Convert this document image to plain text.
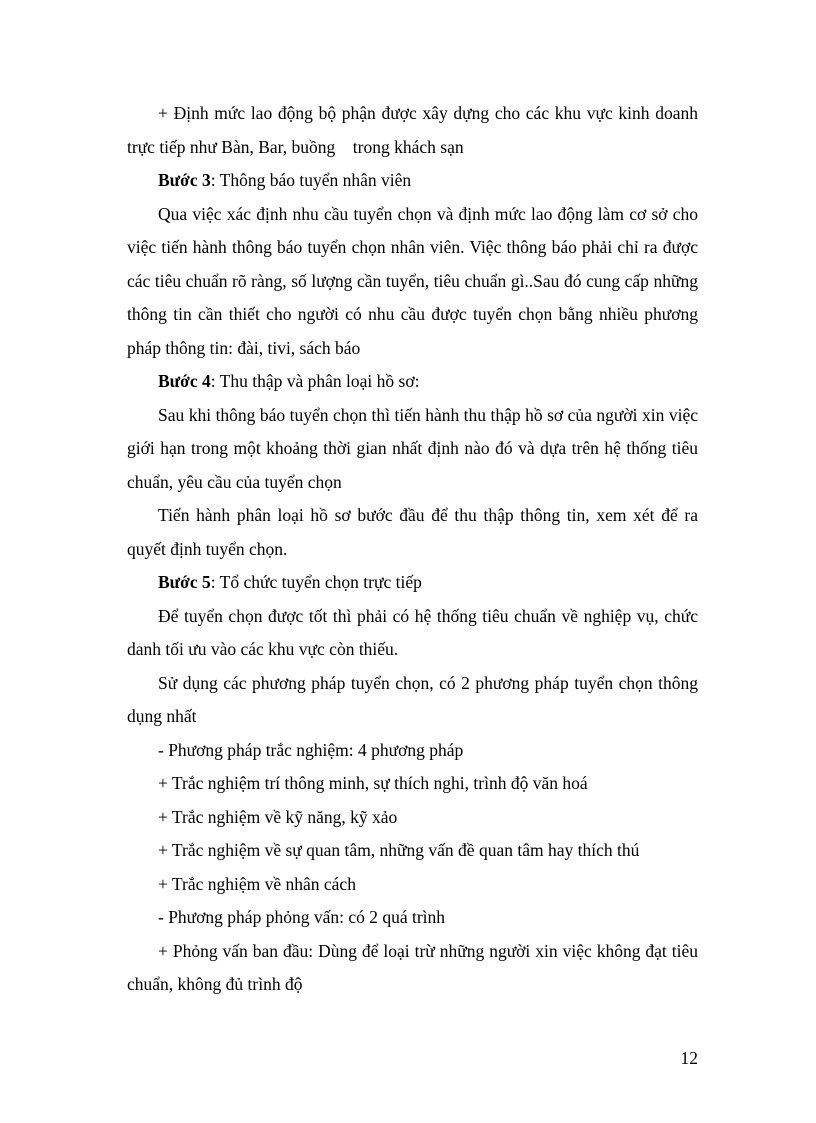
+ Định mức lao động bộ phận được xây dựng cho các khu vực kinh doanh trực tiếp như Bàn, Bar, buồng    trong khách sạn

Bước 3: Thông báo tuyển nhân viên

Qua việc xác định nhu cầu tuyển chọn và định mức lao động làm cơ sở cho việc tiến hành thông báo tuyển chọn nhân viên. Việc thông báo phải chỉ ra được các tiêu chuẩn rõ ràng, số lượng cần tuyển, tiêu chuẩn gì..Sau đó cung cấp những thông tin cần thiết cho người có nhu cầu được tuyển chọn bằng nhiều phương pháp thông tin: đài, tivi, sách báo

Bước 4: Thu thập và phân loại hồ sơ:

Sau khi thông báo tuyển chọn thì tiến hành thu thập hồ sơ của người xin việc giới hạn trong một khoảng thời gian nhất định nào đó và dựa trên hệ thống tiêu chuẩn, yêu cầu của tuyển chọn

Tiến hành phân loại hồ sơ bước đầu để thu thập thông tin, xem xét để ra quyết định tuyển chọn.

Bước 5: Tổ chức tuyển chọn trực tiếp

Để tuyển chọn được tốt thì phải có hệ thống tiêu chuẩn về nghiệp vụ, chức danh tối ưu vào các khu vực còn thiếu.

Sử dụng các phương pháp tuyển chọn, có 2 phương pháp tuyển chọn thông dụng nhất

- Phương pháp trắc nghiệm: 4 phương pháp

+ Trắc nghiệm trí thông minh, sự thích nghi, trình độ văn hoá

+ Trắc nghiệm về kỹ năng, kỹ xảo

+ Trắc nghiệm về sự quan tâm, những vấn đề quan tâm hay thích thú

+ Trắc nghiệm về nhân cách

- Phương pháp phỏng vấn: có 2 quá trình

+ Phỏng vấn ban đầu: Dùng để loại trừ những người xin việc không đạt tiêu chuẩn, không đủ trình độ

12
